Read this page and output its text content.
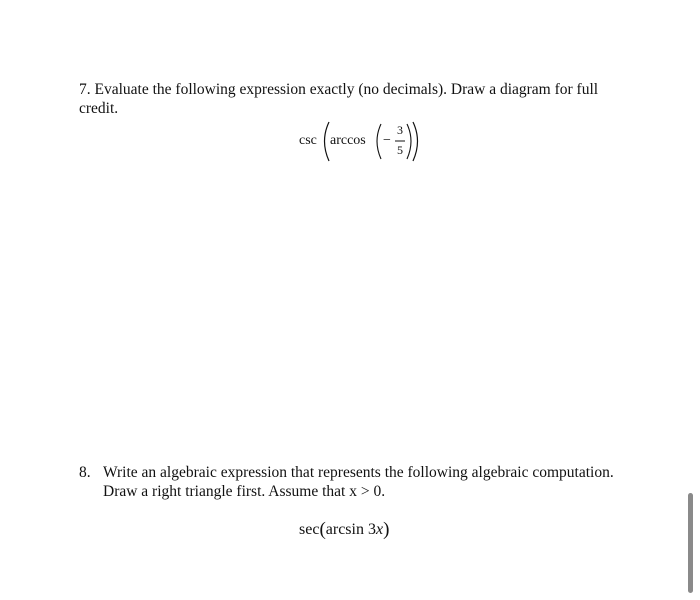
7. Evaluate the following expression exactly (no decimals). Draw a diagram for full credit.
csc arccos −
3
5
8. Write an algebraic expression that represents the following algebraic computation.
Draw a right triangle first. Assume that x > 0.
sec(arcsin 3x)
